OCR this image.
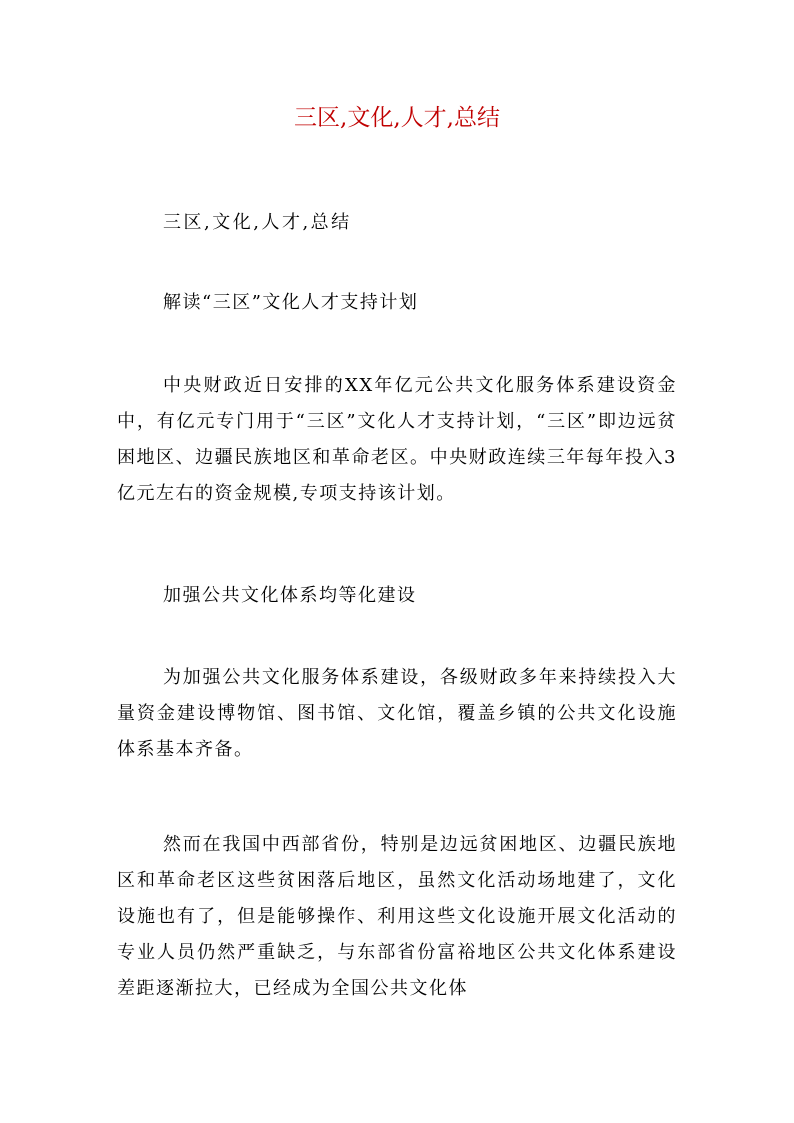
三区,文化,人才,总结

三区,文化,人才,总结

解读“三区”文化人才支持计划

中央财政近日安排的XX年亿元公共文化服务体系建设资金中，有亿元专门用于“三区”文化人才支持计划，“三区”即边远贫困地区、边疆民族地区和革命老区。中央财政连续三年每年投入3亿元左右的资金规模,专项支持该计划。

加强公共文化体系均等化建设

为加强公共文化服务体系建设，各级财政多年来持续投入大量资金建设博物馆、图书馆、文化馆，覆盖乡镇的公共文化设施体系基本齐备。

然而在我国中西部省份，特别是边远贫困地区、边疆民族地区和革命老区这些贫困落后地区，虽然文化活动场地建了，文化设施也有了，但是能够操作、利用这些文化设施开展文化活动的专业人员仍然严重缺乏，与东部省份富裕地区公共文化体系建设差距逐渐拉大，已经成为全国公共文化体
